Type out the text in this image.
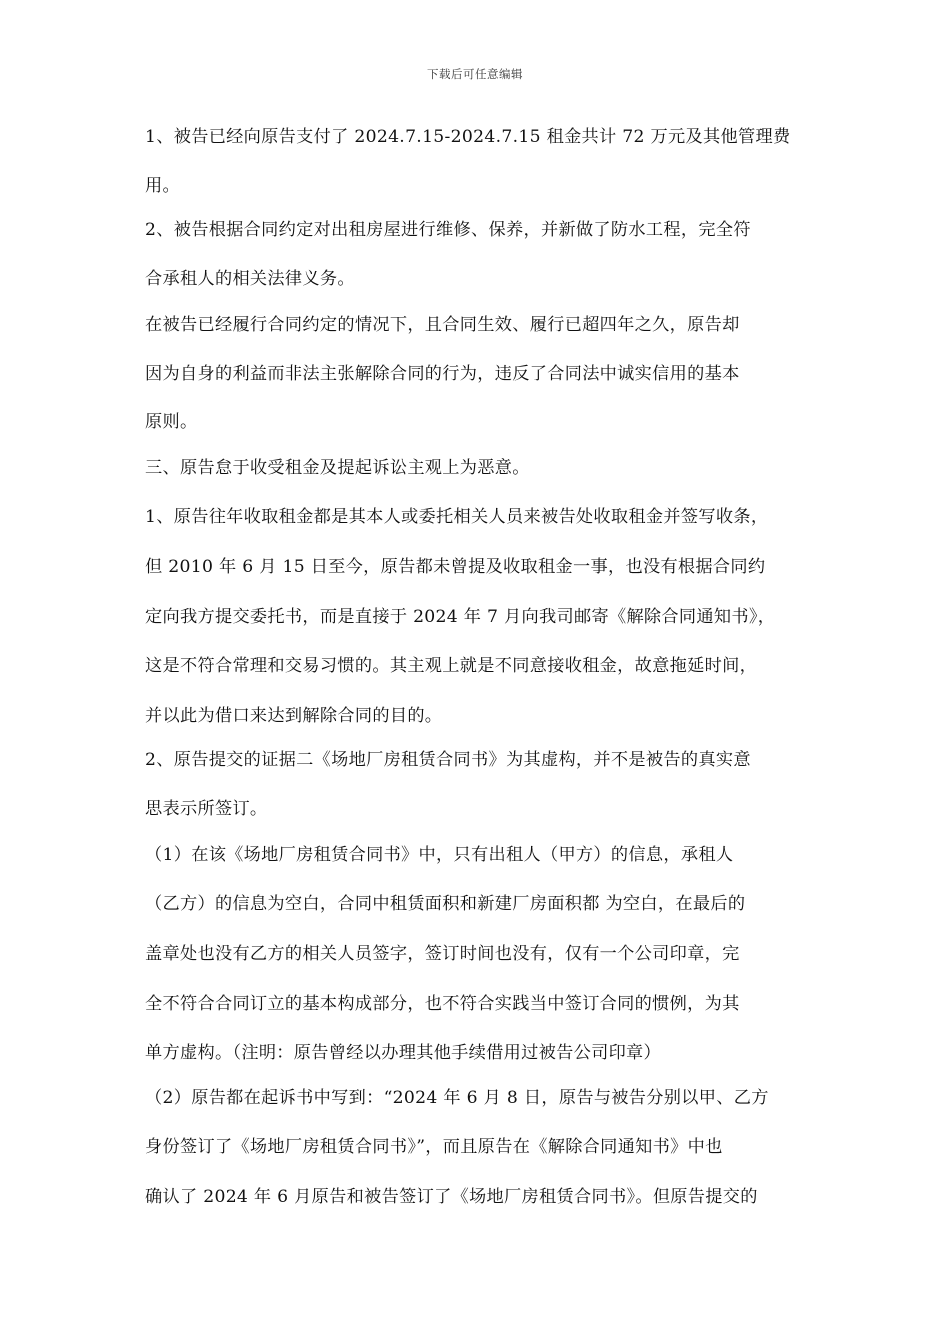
下载后可任意编辑
1、被告已经向原告支付了 2024.7.15-2024.7.15 租金共计 72 万元及其他管理费
用。
2、被告根据合同约定对出租房屋进行维修、保养，并新做了防水工程，完全符
合承租人的相关法律义务。
在被告已经履行合同约定的情况下，且合同生效、履行已超四年之久，原告却
因为自身的利益而非法主张解除合同的行为，违反了合同法中诚实信用的基本
原则。
三、原告怠于收受租金及提起诉讼主观上为恶意。
1、原告往年收取租金都是其本人或委托相关人员来被告处收取租金并签写收条，
但 2010 年 6 月 15 日至今，原告都未曾提及收取租金一事，也没有根据合同约
定向我方提交委托书，而是直接于 2024 年 7 月向我司邮寄《解除合同通知书》，
这是不符合常理和交易习惯的。其主观上就是不同意接收租金，故意拖延时间，
并以此为借口来达到解除合同的目的。
2、原告提交的证据二《场地厂房租赁合同书》为其虚构，并不是被告的真实意
思表示所签订。
（1）在该《场地厂房租赁合同书》中，只有出租人（甲方）的信息，承租人
（乙方）的信息为空白，合同中租赁面积和新建厂房面积都 为空白，在最后的
盖章处也没有乙方的相关人员签字，签订时间也没有，仅有一个公司印章，完
全不符合合同订立的基本构成部分，也不符合实践当中签订合同的惯例，为其
单方虚构。（注明：原告曾经以办理其他手续借用过被告公司印章）
（2）原告都在起诉书中写到：“2024 年 6 月 8 日，原告与被告分别以甲、乙方
身份签订了《场地厂房租赁合同书》”，而且原告在《解除合同通知书》中也
确认了 2024 年 6 月原告和被告签订了《场地厂房租赁合同书》。但原告提交的
